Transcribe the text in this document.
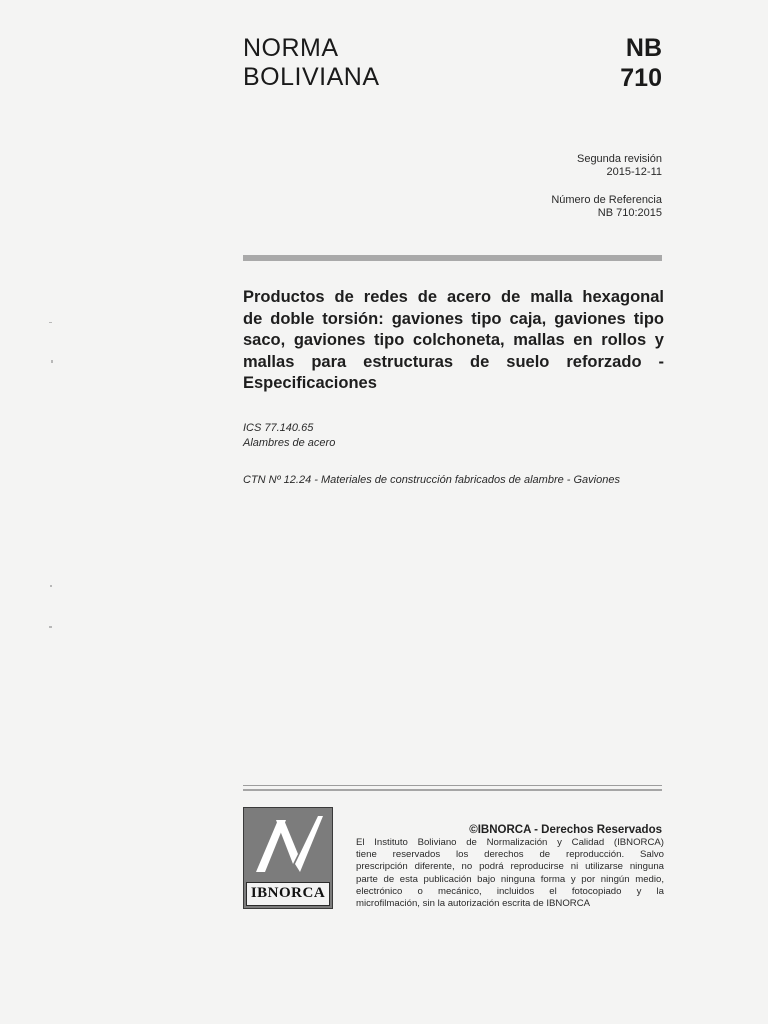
NORMA
BOLIVIANA
NB
710
Segunda revisión
2015-12-11
Número de Referencia
NB 710:2015
Productos de redes de acero de malla hexagonal
de doble torsión: gaviones tipo caja, gaviones tipo
saco, gaviones tipo colchoneta, mallas en rollos y
mallas para estructuras de suelo reforzado -
Especificaciones
ICS 77.140.65
Alambres de acero
CTN Nº 12.24 - Materiales de construcción fabricados de alambre - Gaviones
IBNORCA
©IBNORCA - Derechos Reservados
El Instituto Boliviano de Normalización y Calidad (IBNORCA)
tiene reservados los derechos de reproducción. Salvo
prescripción diferente, no podrá reproducirse ni utilizarse ninguna
parte de esta publicación bajo ninguna forma y por ningún medio,
electrónico o mecánico, incluidos el fotocopiado y la
microfilmación, sin la autorización escrita de IBNORCA
